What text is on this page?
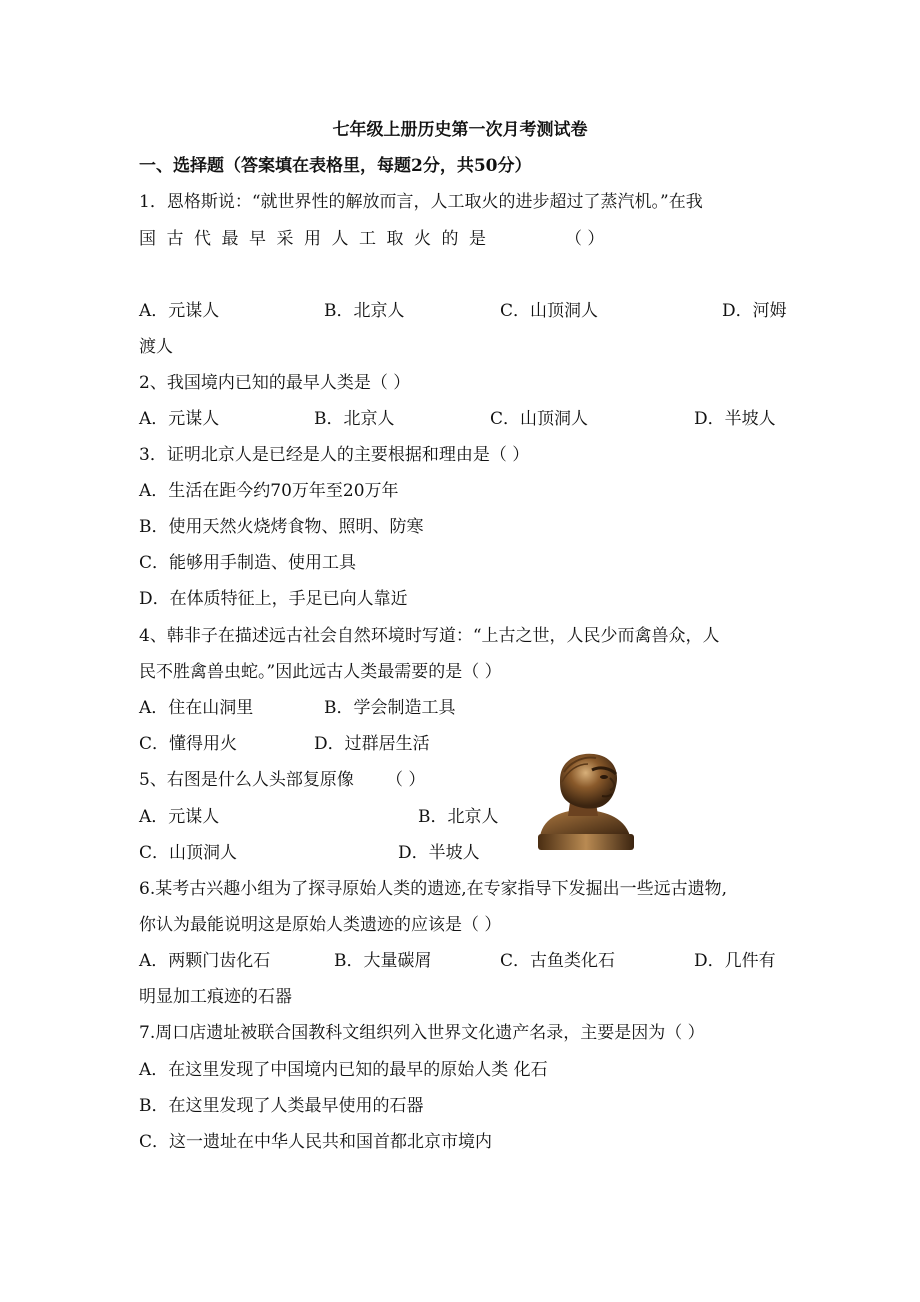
七年级上册历史第一次月考测试卷
一、选择题（答案填在表格里，每题2分，共50分）
1．恩格斯说：“就世界性的解放而言，人工取火的进步超过了蒸汽机。”在我
国古代最早采用人工取火的是	（ ）
A．元谋人	B．北京人	C．山顶洞人	D．河姆
渡人
2、我国境内已知的最早人类是（ ）
A．元谋人	B．北京人	C．山顶洞人	D．半坡人
3．证明北京人是已经是人的主要根据和理由是（ ）
A．生活在距今约70万年至20万年
B．使用天然火烧烤食物、照明、防寒
C．能够用手制造、使用工具
D．在体质特征上，手足已向人靠近
4、韩非子在描述远古社会自然环境时写道：“上古之世，人民少而禽兽众，人
民不胜禽兽虫蛇。”因此远古人类最需要的是（ ）
A．住在山洞里	B．学会制造工具
C．懂得用火	D．过群居生活
5、右图是什么人头部复原像 （ ）
A．元谋人	B．北京人
C．山顶洞人	D．半坡人
6.某考古兴趣小组为了探寻原始人类的遗迹,在专家指导下发掘出一些远古遗物,
你认为最能说明这是原始人类遗迹的应该是（ ）
A．两颗门齿化石	B．大量碳屑	C．古鱼类化石	D．几件有
明显加工痕迹的石器
7.周口店遗址被联合国教科文组织列入世界文化遗产名录，主要是因为（ ）
A．在这里发现了中国境内已知的最早的原始人类 化石
B．在这里发现了人类最早使用的石器
C．这一遗址在中华人民共和国首都北京市境内
